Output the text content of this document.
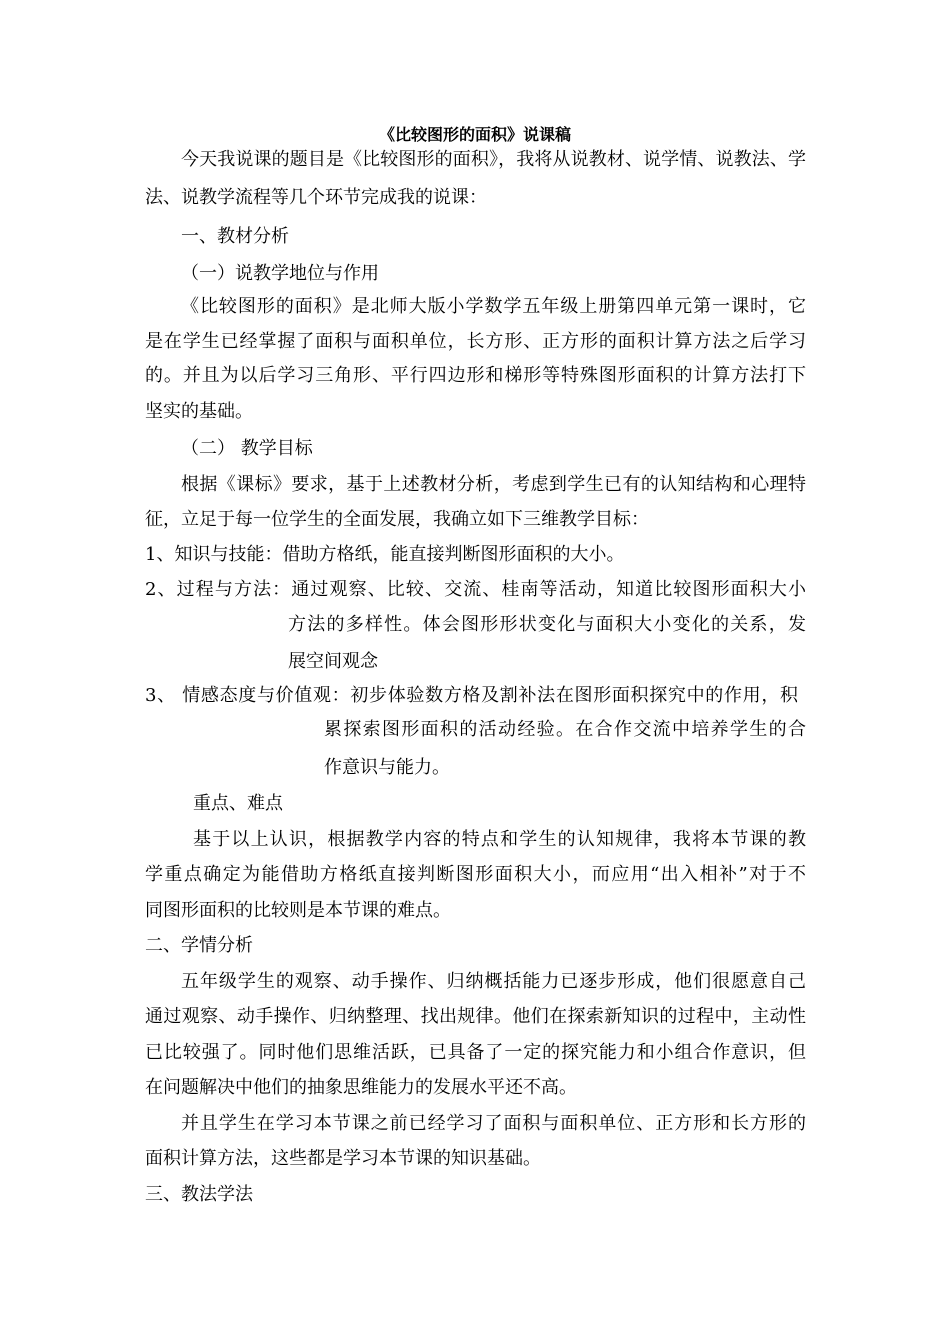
《比较图形的面积》说课稿
今天我说课的题目是《比较图形的面积》，我将从说教材、说学情、说教法、学
法、说教学流程等几个环节完成我的说课：
一、教材分析
（一）说教学地位与作用
《比较图形的面积》是北师大版小学数学五年级上册第四单元第一课时，它
是在学生已经掌握了面积与面积单位，长方形、正方形的面积计算方法之后学习
的。并且为以后学习三角形、平行四边形和梯形等特殊图形面积的计算方法打下
坚实的基础。
（二） 教学目标
根据《课标》要求，基于上述教材分析，考虑到学生已有的认知结构和心理特
征，立足于每一位学生的全面发展，我确立如下三维教学目标：
1、知识与技能：借助方格纸，能直接判断图形面积的大小。
2、过程与方法：通过观察、比较、交流、桂南等活动，知道比较图形面积大小
方法的多样性。体会图形形状变化与面积大小变化的关系，发
展空间观念
3、 情感态度与价值观：初步体验数方格及割补法在图形面积探究中的作用，积
累探索图形面积的活动经验。在合作交流中培养学生的合
作意识与能力。
重点、难点
基于以上认识，根据教学内容的特点和学生的认知规律，我将本节课的教
学重点确定为能借助方格纸直接判断图形面积大小，而应用“出入相补”对于不
同图形面积的比较则是本节课的难点。
二、学情分析
五年级学生的观察、动手操作、归纳概括能力已逐步形成，他们很愿意自己
通过观察、动手操作、归纳整理、找出规律。他们在探索新知识的过程中，主动性
已比较强了。同时他们思维活跃，已具备了一定的探究能力和小组合作意识，但
在问题解决中他们的抽象思维能力的发展水平还不高。
并且学生在学习本节课之前已经学习了面积与面积单位、正方形和长方形的
面积计算方法，这些都是学习本节课的知识基础。
三、教法学法
